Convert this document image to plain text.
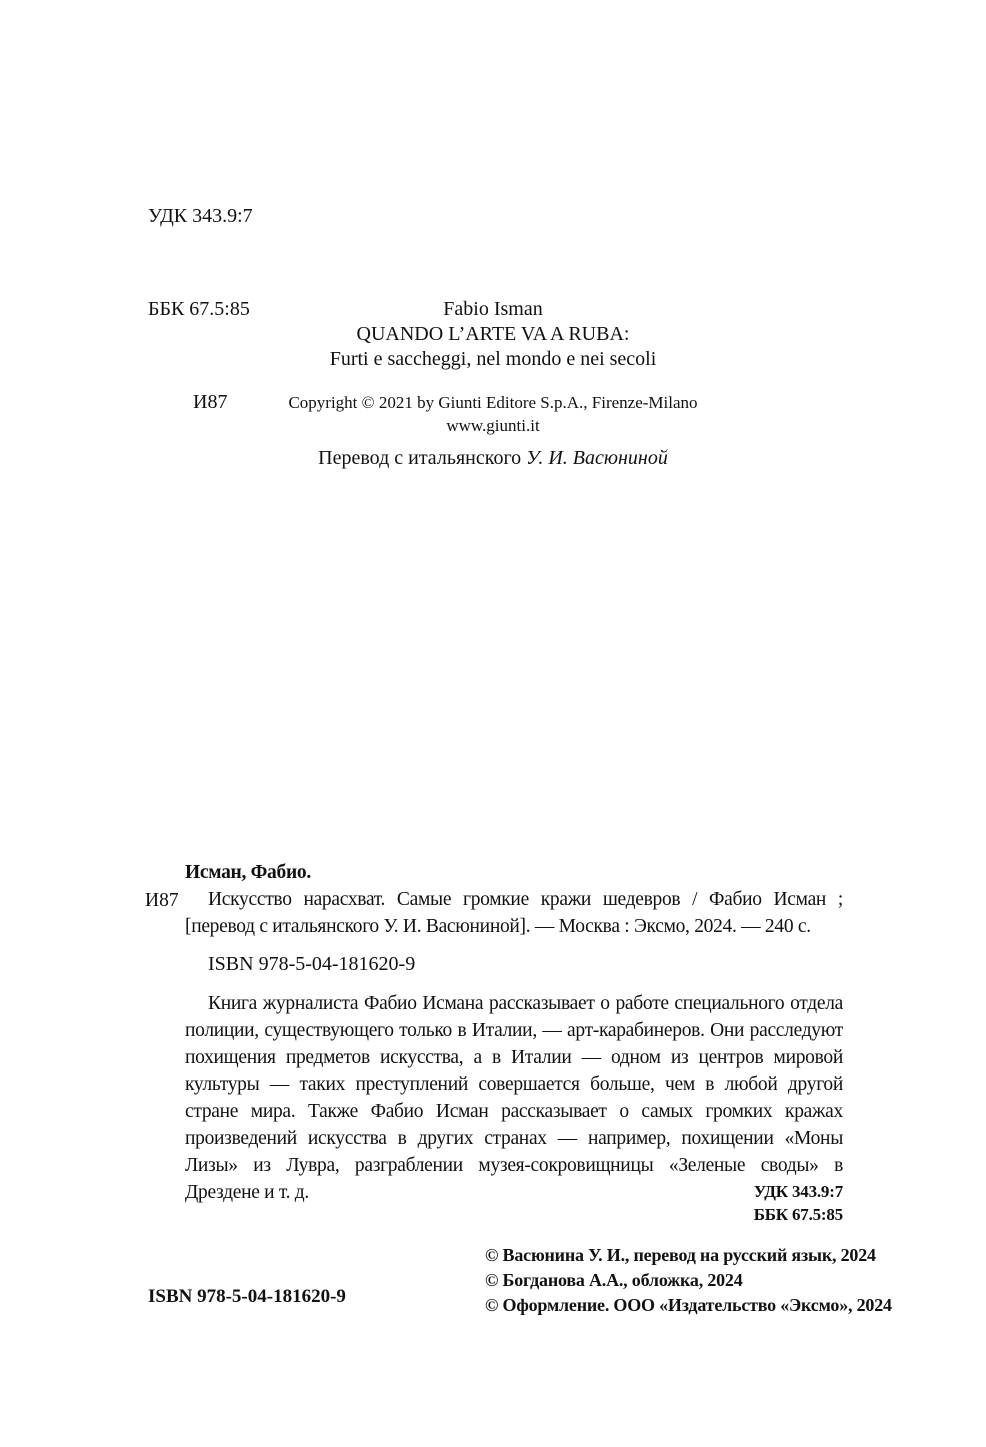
УДК 343.9:7

ББК 67.5:85

И87

Fabio Isman
QUANDO L’ARTE VA A RUBA:
Furti e saccheggi, nel mondo e nei secoli
Copyright © 2021 by Giunti Editore S.p.A., Firenze-Milano
www.giunti.it
Перевод с итальянского У. И. Васюниной
И87
Исман, Фабио.

Искусство нарасхват. Самые громкие кражи шедевров / Фабио Исман ; [перевод с итальянского У. И. Васюниной]. — Москва : Эксмо, 2024. — 240 с.

ISBN 978-5-04-181620-9

Книга журналиста Фабио Исмана рассказывает о работе специального отдела полиции, существующего только в Италии, — арт-карабинеров. Они расследуют похищения предметов искусства, а в Италии — одном из центров мировой культуры — таких преступлений совершается больше, чем в любой другой стране мира. Также Фабио Исман рассказывает о самых громких кражах произведений искусства в других странах — например, похищении «Моны Лизы» из Лувра, разграблении музея-сокровищницы «Зеленые своды» в Дрездене и т. д.	УДК 343.9:7
ББК 67.5:85
© Васюнина У. И., перевод на русский язык, 2024
© Богданова А.А., обложка, 2024
© Оформление. ООО «Издательство «Эксмо», 2024
ISBN 978-5-04-181620-9
